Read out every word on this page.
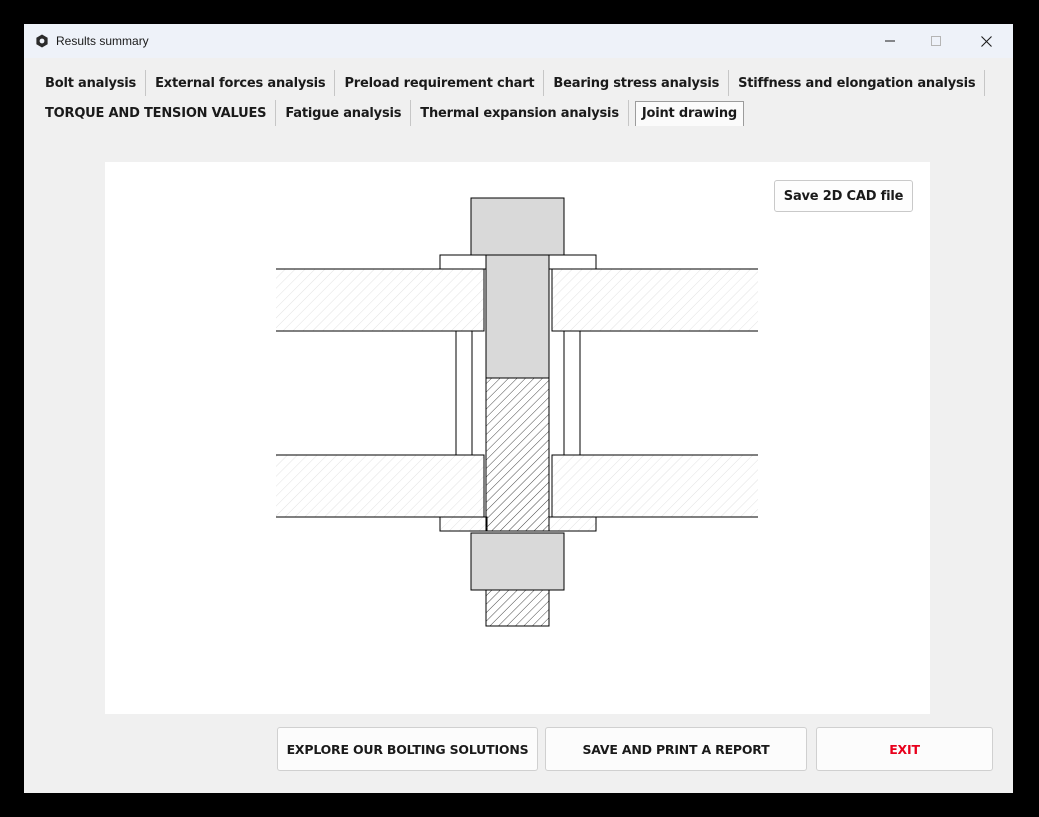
Results summary
Bolt analysis	External forces analysis	Preload requirement chart	Bearing stress analysis	Stiffness and elongation analysis
TORQUE AND TENSION VALUES	Fatigue analysis	Thermal expansion analysis	Joint drawing
Save 2D CAD file
EXPLORE OUR BOLTING SOLUTIONS	SAVE AND PRINT A REPORT	EXIT
